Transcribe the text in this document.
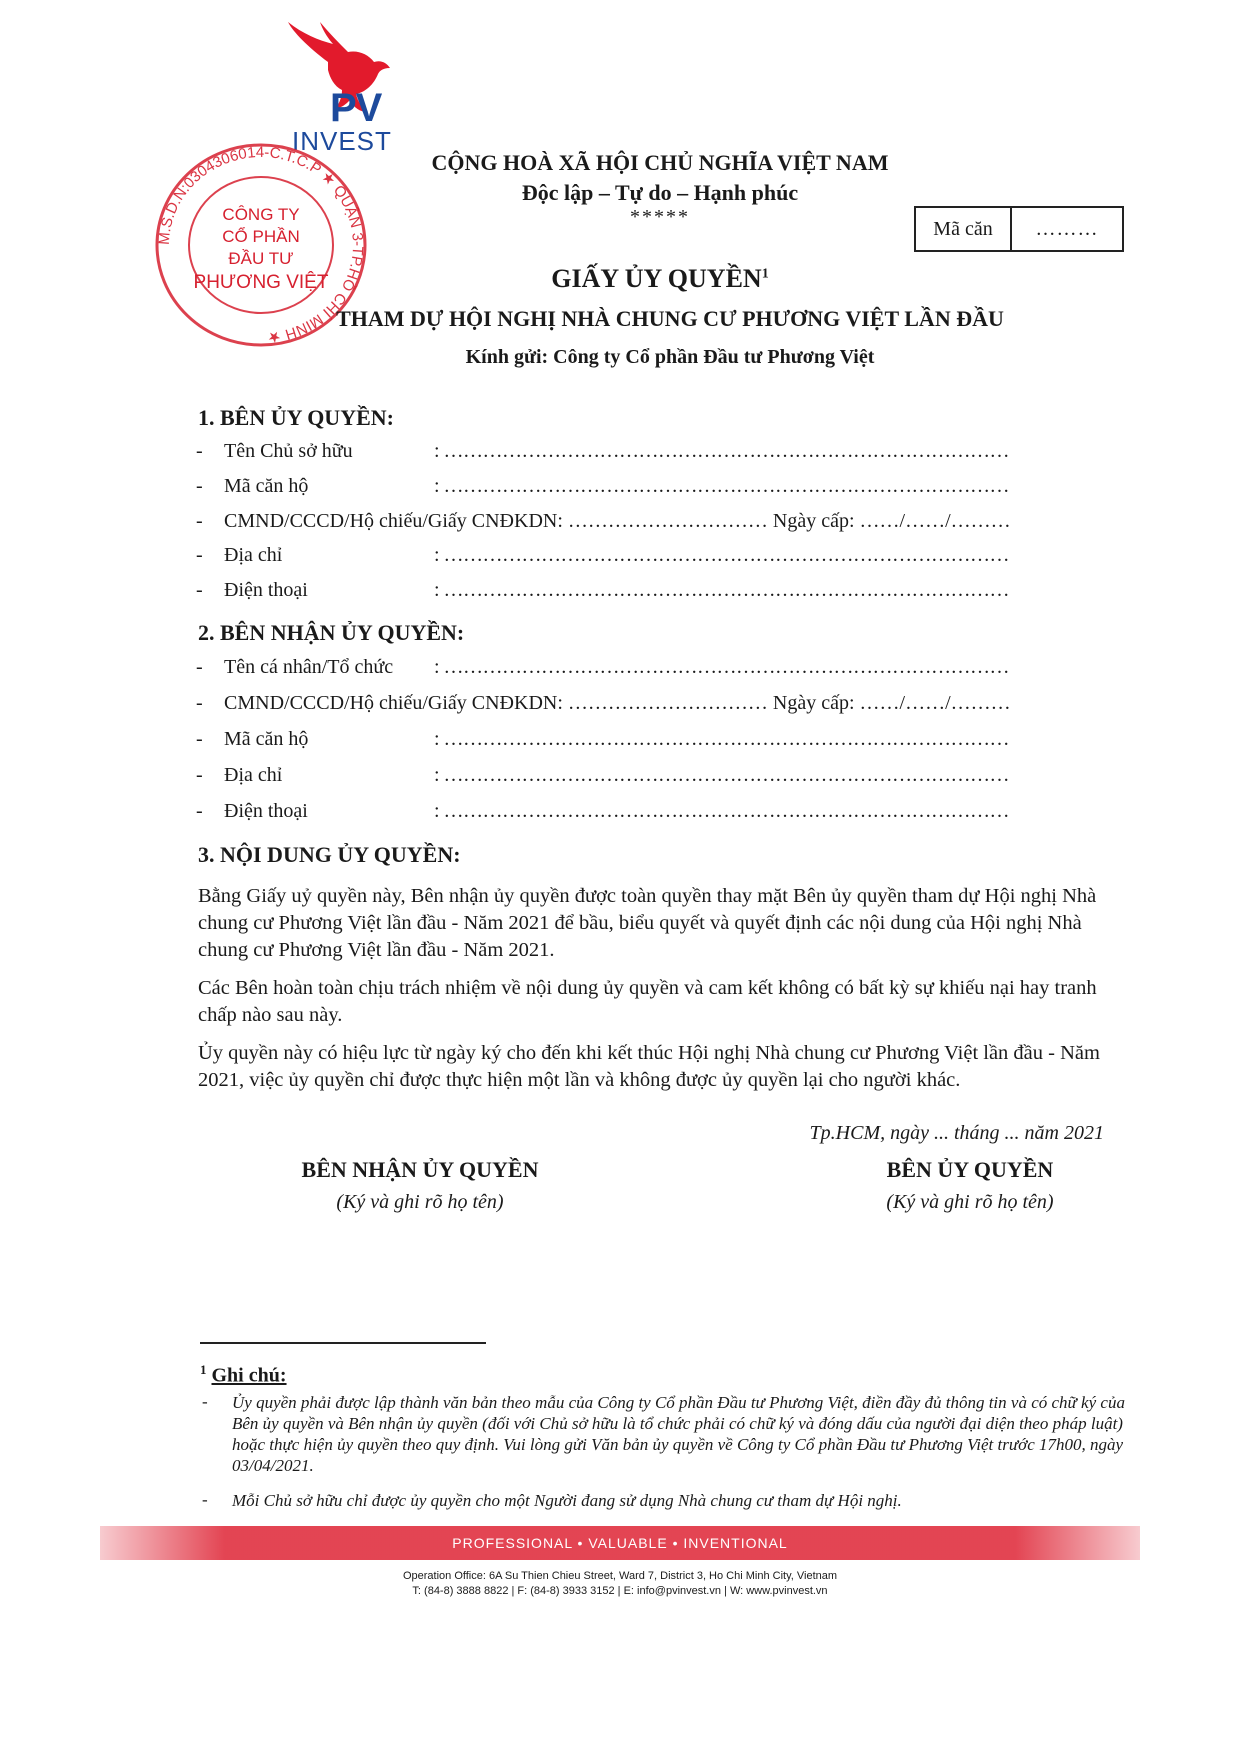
PV
INVEST
M.S.D.N:0304306014-C.T.C.P ★ QUẬN 3-TP.HỒ CHÍ MINH ★
CÔNG TY
CỔ PHẦN
ĐẦU TƯ
PHƯƠNG VIỆT
CỘNG HOÀ XÃ HỘI CHỦ NGHĨA VIỆT NAM
Độc lập – Tự do – Hạnh phúc
*****
Mã căn	………
GIẤY ỦY QUYỀN$^1$
THAM DỰ HỘI NGHỊ NHÀ CHUNG CƯ PHƯƠNG VIỆT LẦN ĐẦU
Kính gửi: Công ty Cổ phần Đầu tư Phương Việt
1. BÊN ỦY QUYỀN:
- Tên Chủ sở hữu	: ……………………………………………………………………………
- Mã căn hộ	: ……………………………………………………………………………
- CMND/CCCD/Hộ chiếu/Giấy CNĐKDN: ………………………… Ngày cấp: ……/……/………
- Địa chỉ	: ……………………………………………………………………………
- Điện thoại	: ……………………………………………………………………………
2. BÊN NHẬN ỦY QUYỀN:
- Tên cá nhân/Tổ chức : ……………………………………………………………………………
- CMND/CCCD/Hộ chiếu/Giấy CNĐKDN: ………………………… Ngày cấp: ……/……/………
- Mã căn hộ	: ……………………………………………………………………………
- Địa chỉ	: ……………………………………………………………………………
- Điện thoại	: ……………………………………………………………………………
3. NỘI DUNG ỦY QUYỀN:
Bằng Giấy uỷ quyền này, Bên nhận ủy quyền được toàn quyền thay mặt Bên ủy quyền tham dự Hội nghị Nhà chung cư Phương Việt lần đầu - Năm 2021 để bầu, biểu quyết và quyết định các nội dung của Hội nghị Nhà chung cư Phương Việt lần đầu - Năm 2021.
Các Bên hoàn toàn chịu trách nhiệm về nội dung ủy quyền và cam kết không có bất kỳ sự khiếu nại hay tranh chấp nào sau này.
Ủy quyền này có hiệu lực từ ngày ký cho đến khi kết thúc Hội nghị Nhà chung cư Phương Việt lần đầu - Năm 2021, việc ủy quyền chỉ được thực hiện một lần và không được ủy quyền lại cho người khác.
Tp.HCM, ngày ... tháng ... năm 2021
BÊN NHẬN ỦY QUYỀN
(Ký và ghi rõ họ tên)
BÊN ỦY QUYỀN
(Ký và ghi rõ họ tên)
$^1$ Ghi chú:
- Ủy quyền phải được lập thành văn bản theo mẫu của Công ty Cổ phần Đầu tư Phương Việt, điền đầy đủ thông tin và có chữ ký của Bên ủy quyền và Bên nhận ủy quyền (đối với Chủ sở hữu là tổ chức phải có chữ ký và đóng dấu của người đại diện theo pháp luật) hoặc thực hiện ủy quyền theo quy định. Vui lòng gửi Văn bản ủy quyền về Công ty Cổ phần Đầu tư Phương Việt trước 17h00, ngày 03/04/2021.
- Mỗi Chủ sở hữu chỉ được ủy quyền cho một Người đang sử dụng Nhà chung cư tham dự Hội nghị.
PROFESSIONAL • VALUABLE • INVENTIONAL
Operation Office: 6A Su Thien Chieu Street, Ward 7, District 3, Ho Chi Minh City, Vietnam
T: (84-8) 3888 8822 | F: (84-8) 3933 3152 | E: info@pvinvest.vn | W: www.pvinvest.vn
